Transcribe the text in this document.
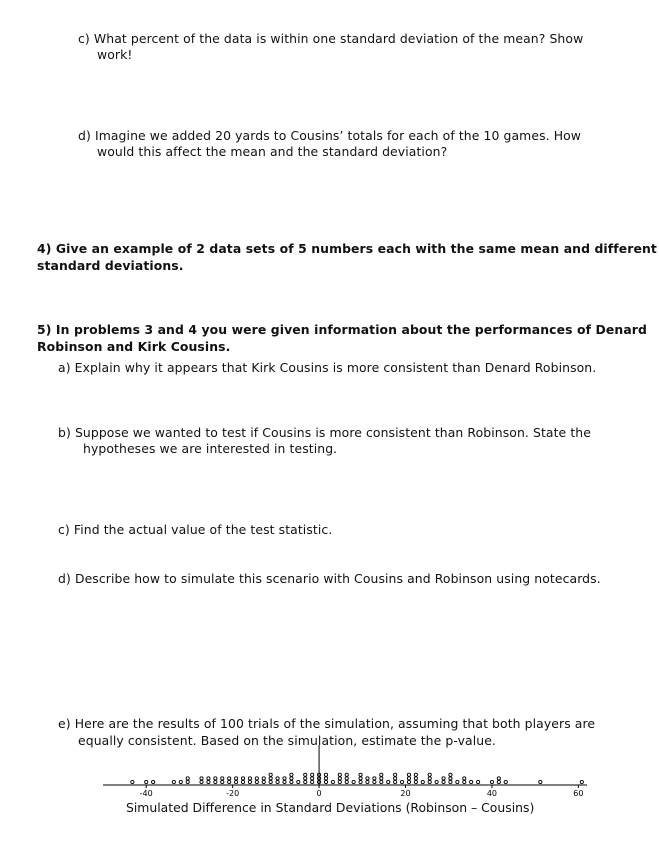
c) What percent of the data is within one standard deviation of the mean? Show
work!
d) Imagine we added 20 yards to Cousins’ totals for each of the 10 games. How
would this affect the mean and the standard deviation?
4) Give an example of 2 data sets of 5 numbers each with the same mean and different
standard deviations.
5) In problems 3 and 4 you were given information about the performances of Denard
Robinson and Kirk Cousins.
a) Explain why it appears that Kirk Cousins is more consistent than Denard Robinson.
b) Suppose we wanted to test if Cousins is more consistent than Robinson. State the
hypotheses we are interested in testing.
c) Find the actual value of the test statistic.
d) Describe how to simulate this scenario with Cousins and Robinson using notecards.
e) Here are the results of 100 trials of the simulation, assuming that both players are
equally consistent. Based on the simulation, estimate the p-value.
-40	-20	0	20	40	60
Simulated Difference in Standard Deviations (Robinson – Cousins)
